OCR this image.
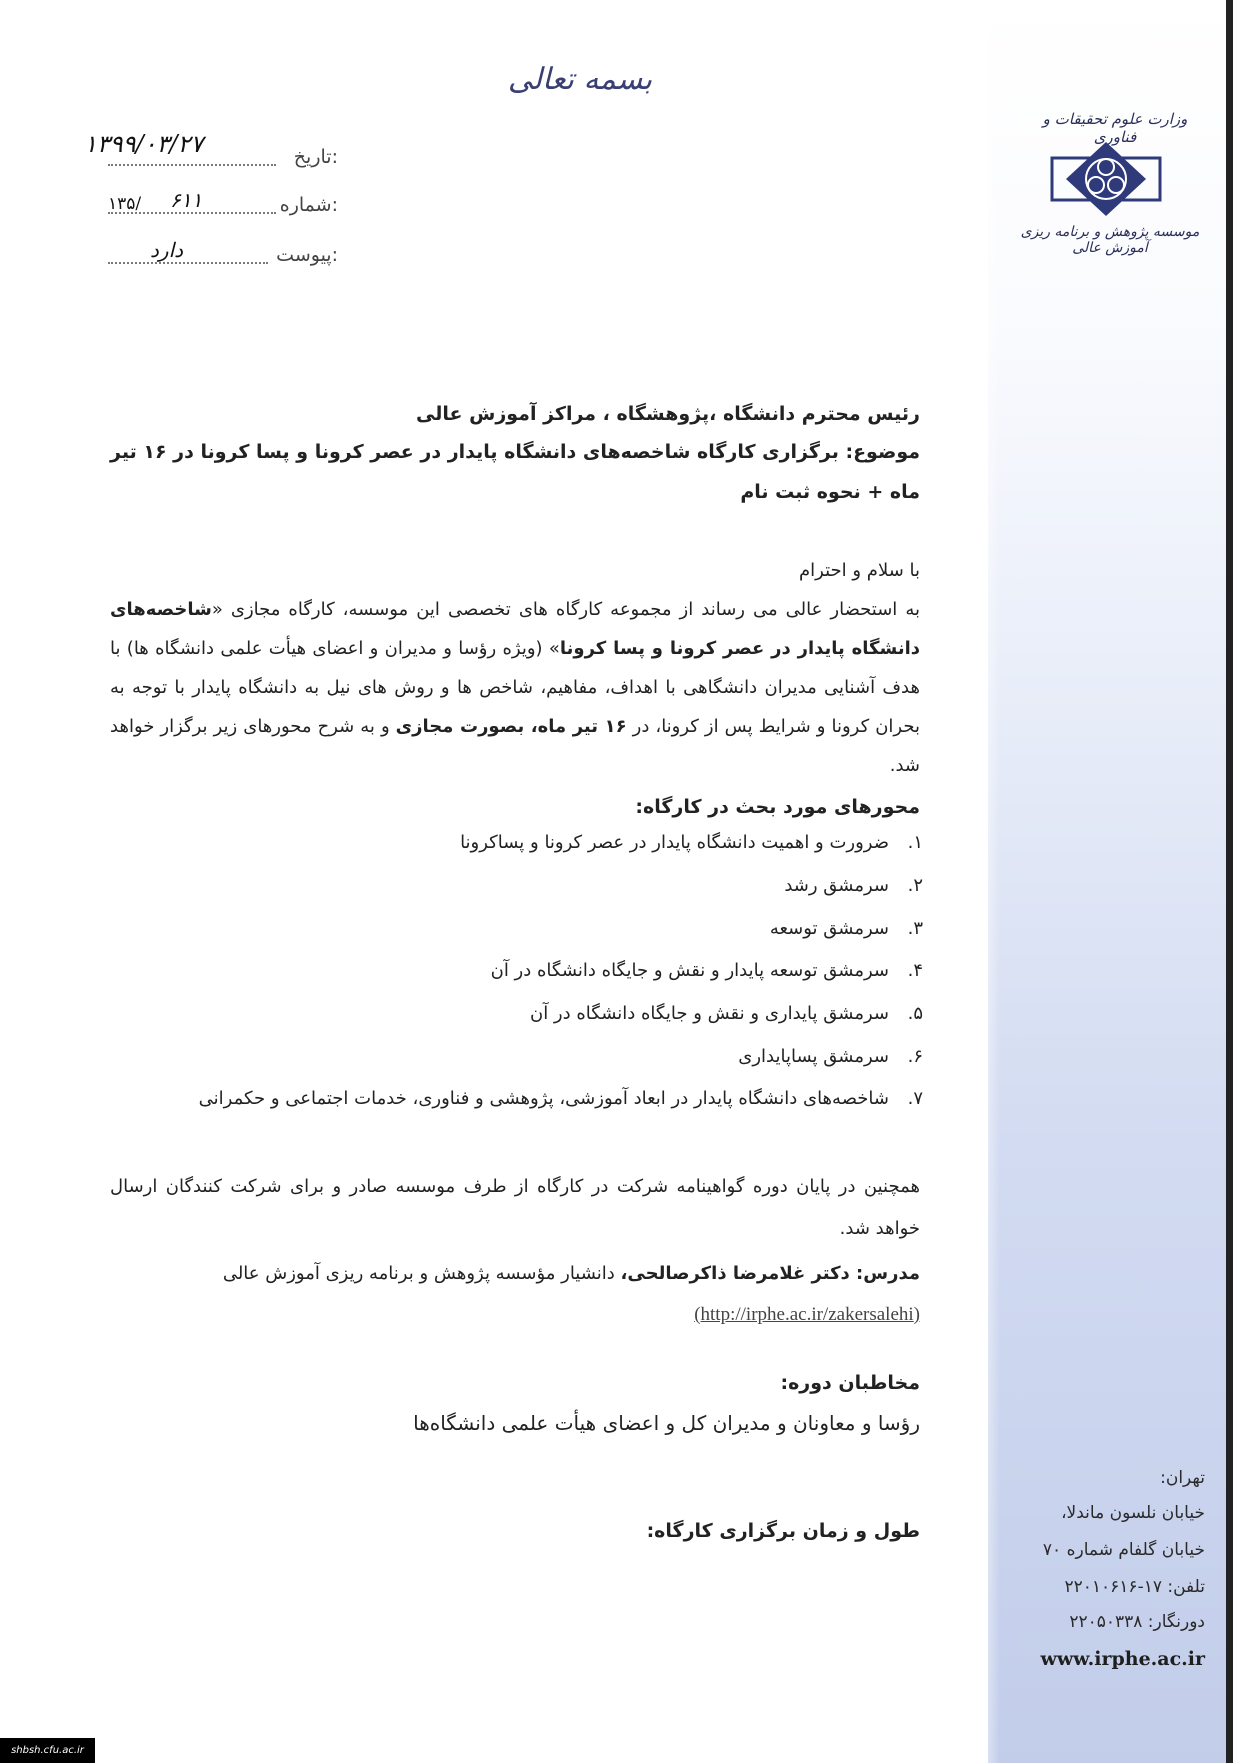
بسمه تعالی
وزارت علوم تحقیقات و فناوری
موسسه پژوهش و برنامه ریزی آموزش عالی
تاریخ:
۱۳۹۹/۰۳/۲۷
شماره:
۶۱۱
۱۳۵/
پیوست:
دارد
رئیس محترم دانشگاه ،پژوهشگاه ، مراکز آموزش عالی
موضوع: برگزاری کارگاه شاخصه‌های دانشگاه پایدار در عصر کرونا و پسا کرونا در ۱۶ تیر ماه + نحوه ثبت نام
با سلام و احترام
به استحضار عالی می رساند از مجموعه کارگاه های تخصصی این موسسه، کارگاه مجازی «شاخصه‌های دانشگاه پایدار در عصر کرونا و پسا کرونا» (ویژه رؤسا و مدیران و اعضای هیأت علمی دانشگاه ها) با هدف آشنایی مدیران دانشگاهی با اهداف، مفاهیم، شاخص ها و روش های نیل به دانشگاه پایدار با توجه به بحران کرونا و شرایط پس از کرونا، در ۱۶ تیر ماه، بصورت مجازی و به شرح محورهای زیر برگزار خواهد شد.
محورهای مورد بحث در کارگاه:
۱.ضرورت و اهمیت دانشگاه پایدار در عصر کرونا و پساکرونا
۲.سرمشق رشد
۳.سرمشق توسعه
۴.سرمشق توسعه پایدار و نقش و جایگاه دانشگاه در آن
۵.سرمشق پایداری و نقش و جایگاه دانشگاه در آن
۶.سرمشق پساپایداری
۷.شاخصه‌های دانشگاه پایدار در ابعاد آموزشی، پژوهشی و فناوری، خدمات اجتماعی و حکمرانی
همچنین در پایان دوره گواهینامه شرکت در کارگاه از طرف موسسه صادر و برای شرکت کنندگان ارسال خواهد شد.
مدرس: دکتر غلامرضا ذاکرصالحی، دانشیار مؤسسه پژوهش و برنامه ریزی آموزش عالی
(http://irphe.ac.ir/zakersalehi)
مخاطبان دوره:
رؤسا و معاونان و مدیران کل و اعضای هیأت علمی دانشگاه‌ها
طول و زمان برگزاری کارگاه:
تهران:
خیابان نلسون ماندلا،
خیابان گلفام شماره ۷۰
تلفن: ۱۷-۲۲۰۱۰۶۱۶
دورنگار: ۲۲۰۵۰۳۳۸
www.irphe.ac.ir
shbsh.cfu.ac.ir
